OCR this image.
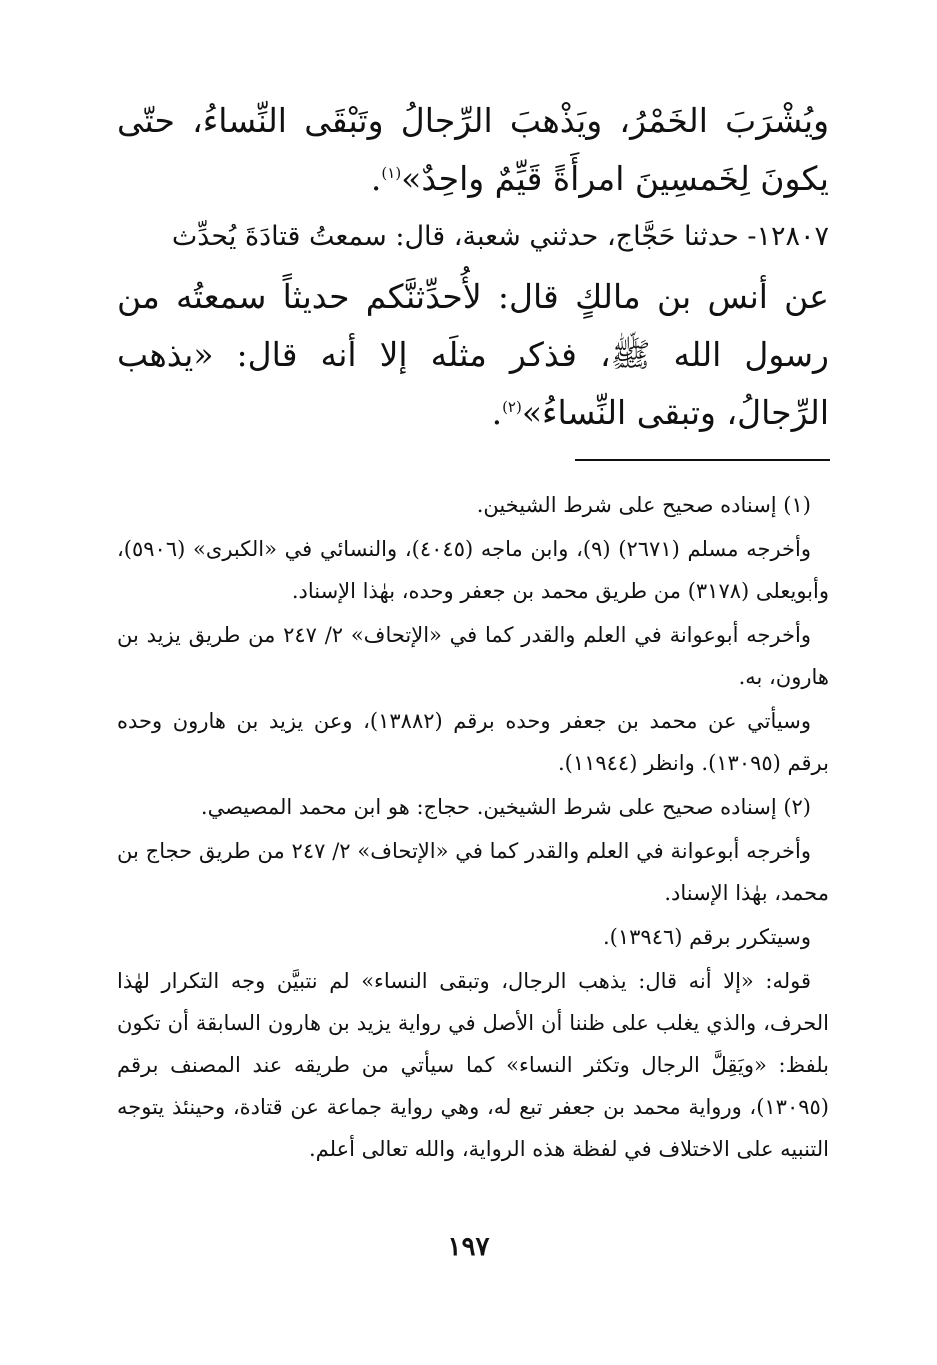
ويُشْرَبَ الخَمْرُ، ويَذْهبَ الرِّجالُ وتَبْقَى النِّساءُ، حتّى يكونَ لِخَمسِينَ امرأَةً قَيِّمٌ واحِدٌ»$^{(١)}$.

١٢٨٠٧- حدثنا حَجَّاج، حدثني شعبة، قال: سمعتُ قتادَةَ يُحدِّث

عن أنس بن مالكٍ قال: لأُحدِّثنَّكم حديثاً سمعتُه من رسول الله ﷺ، فذكر مثلَه إلا أنه قال: «يذهب الرِّجالُ، وتبقى النِّساءُ»$^{(٢)}$.

(١) إسناده صحيح على شرط الشيخين.

وأخرجه مسلم (٢٦٧١) (٩)، وابن ماجه (٤٠٤٥)، والنسائي في «الكبرى» (٥٩٠٦)، وأبويعلى (٣١٧٨) من طريق محمد بن جعفر وحده، بهٰذا الإسناد.

وأخرجه أبوعوانة في العلم والقدر كما في «الإتحاف» ٢/ ٢٤٧ من طريق يزيد بن هارون، به.

وسيأتي عن محمد بن جعفر وحده برقم (١٣٨٨٢)، وعن يزيد بن هارون وحده برقم (١٣٠٩٥). وانظر (١١٩٤٤).

(٢) إسناده صحيح على شرط الشيخين. حجاج: هو ابن محمد المصيصي.

وأخرجه أبوعوانة في العلم والقدر كما في «الإتحاف» ٢/ ٢٤٧ من طريق حجاج بن محمد، بهٰذا الإسناد.

وسيتكرر برقم (١٣٩٤٦).

قوله: «إلا أنه قال: يذهب الرجال، وتبقى النساء» لم نتبيَّن وجه التكرار لهٰذا الحرف، والذي يغلب على ظننا أن الأصل في رواية يزيد بن هارون السابقة أن تكون بلفظ: «ويَقِلَّ الرجال وتكثر النساء» كما سيأتي من طريقه عند المصنف برقم (١٣٠٩٥)، ورواية محمد بن جعفر تبع له، وهي رواية جماعة عن قتادة، وحينئذ يتوجه التنبيه على الاختلاف في لفظة هذه الرواية، والله تعالى أعلم.

١٩٧
